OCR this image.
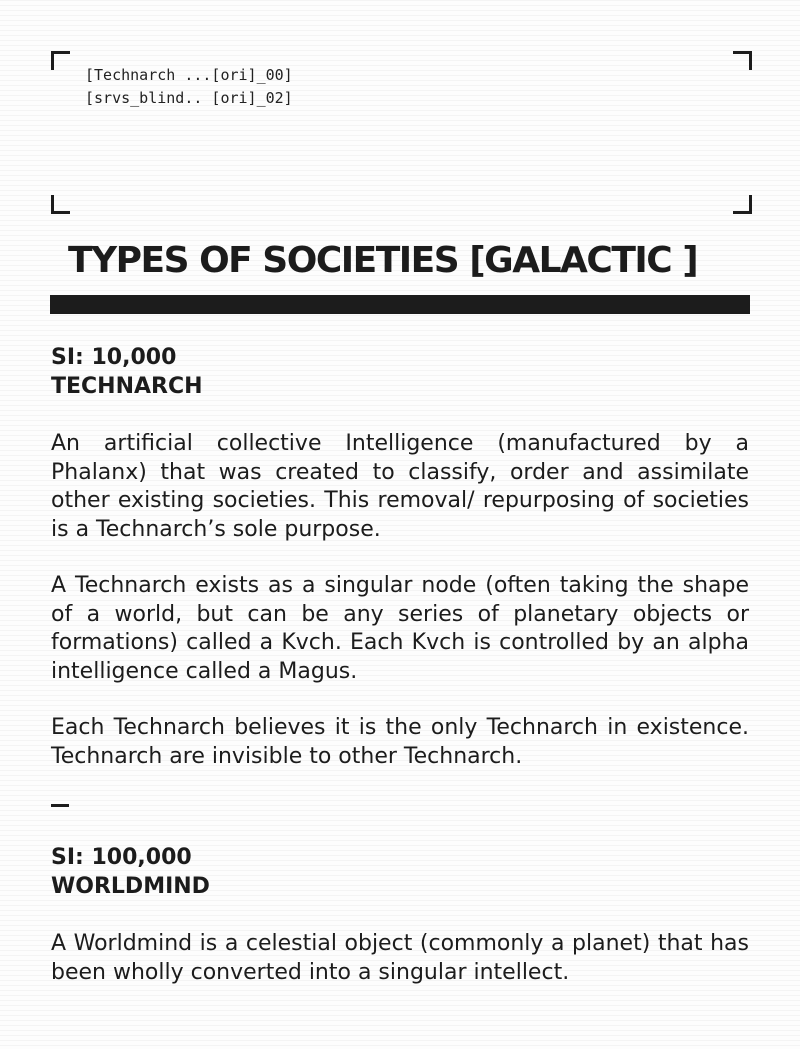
[Technarch ...[ori]_00]
[srvs_blind.. [ori]_02]
TYPES OF SOCIETIES [GALACTIC ]
SI: 10,000
TECHNARCH

An artificial collective Intelligence (manufactured by a Phalanx) that was created to classify, order and assimilate other existing societies. This removal/ repurposing of societies is a Technarch’s sole purpose.

A Technarch exists as a singular node (often taking the shape of a world, but can be any series of planetary objects or formations) called a Kvch. Each Kvch is controlled by an alpha intelligence called a Magus.

Each Technarch believes it is the only Technarch in existence. Technarch are invisible to other Technarch.

SI: 100,000
WORLDMIND

A Worldmind is a celestial object (commonly a planet) that has been wholly converted into a singular intellect.
